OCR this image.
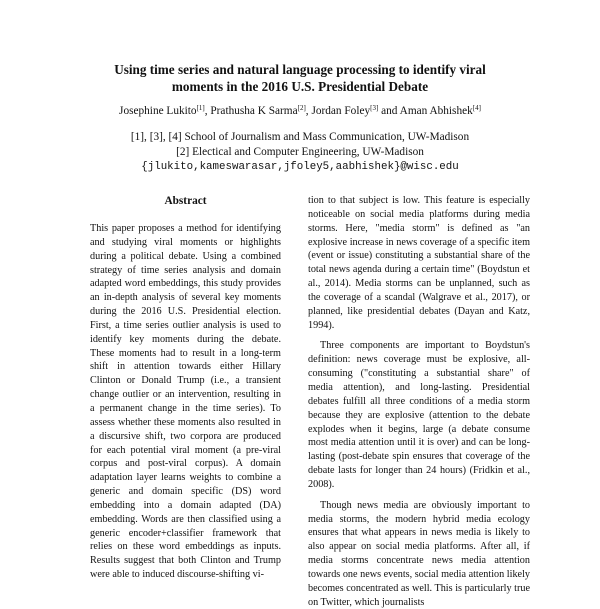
Using time series and natural language processing to identify viral
moments in the 2016 U.S. Presidential Debate
Josephine Lukito[1], Prathusha K Sarma[2], Jordan Foley[3] and Aman Abhishek[4]
[1], [3], [4] School of Journalism and Mass Communication, UW-Madison
[2] Electical and Computer Engineering, UW-Madison
{jlukito,kameswarasar,jfoley5,aabhishek}@wisc.edu
Abstract

This paper proposes a method for identifying and studying viral moments or highlights during a political debate. Using a combined strategy of time series analysis and domain adapted word embeddings, this study provides an in-depth analysis of several key moments during the 2016 U.S. Presidential election. First, a time series outlier analysis is used to identify key moments during the debate. These moments had to result in a long-term shift in attention towards either Hillary Clinton or Donald Trump (i.e., a transient change outlier or an intervention, resulting in a permanent change in the time series). To assess whether these moments also resulted in a discursive shift, two corpora are produced for each potential viral moment (a pre-viral corpus and post-viral corpus). A domain adaptation layer learns weights to combine a generic and domain specific (DS) word embedding into a domain adapted (DA) embedding. Words are then classified using a generic encoder+classifier framework that relies on these word embeddings as inputs. Results suggest that both Clinton and Trump were able to induced discourse-shifting vi-

tion to that subject is low. This feature is especially noticeable on social media platforms during media storms. Here, "media storm" is defined as "an explosive increase in news coverage of a specific item (event or issue) constituting a substantial share of the total news agenda during a certain time" (Boydstun et al., 2014). Media storms can be unplanned, such as the coverage of a scandal (Walgrave et al., 2017), or planned, like presidential debates (Dayan and Katz, 1994).

Three components are important to Boydstun's definition: news coverage must be explosive, all-consuming ("constituting a substantial share" of media attention), and long-lasting. Presidential debates fulfill all three conditions of a media storm because they are explosive (attention to the debate explodes when it begins, large (a debate consume most media attention until it is over) and can be long-lasting (post-debate spin ensures that coverage of the debate lasts for longer than 24 hours) (Fridkin et al., 2008).

Though news media are obviously important to media storms, the modern hybrid media ecology ensures that what appears in news media is likely to also appear on social media platforms. After all, if media storms concentrate news media attention towards one news events, social media attention likely becomes concentrated as well. This is particularly true on Twitter, which journalists
